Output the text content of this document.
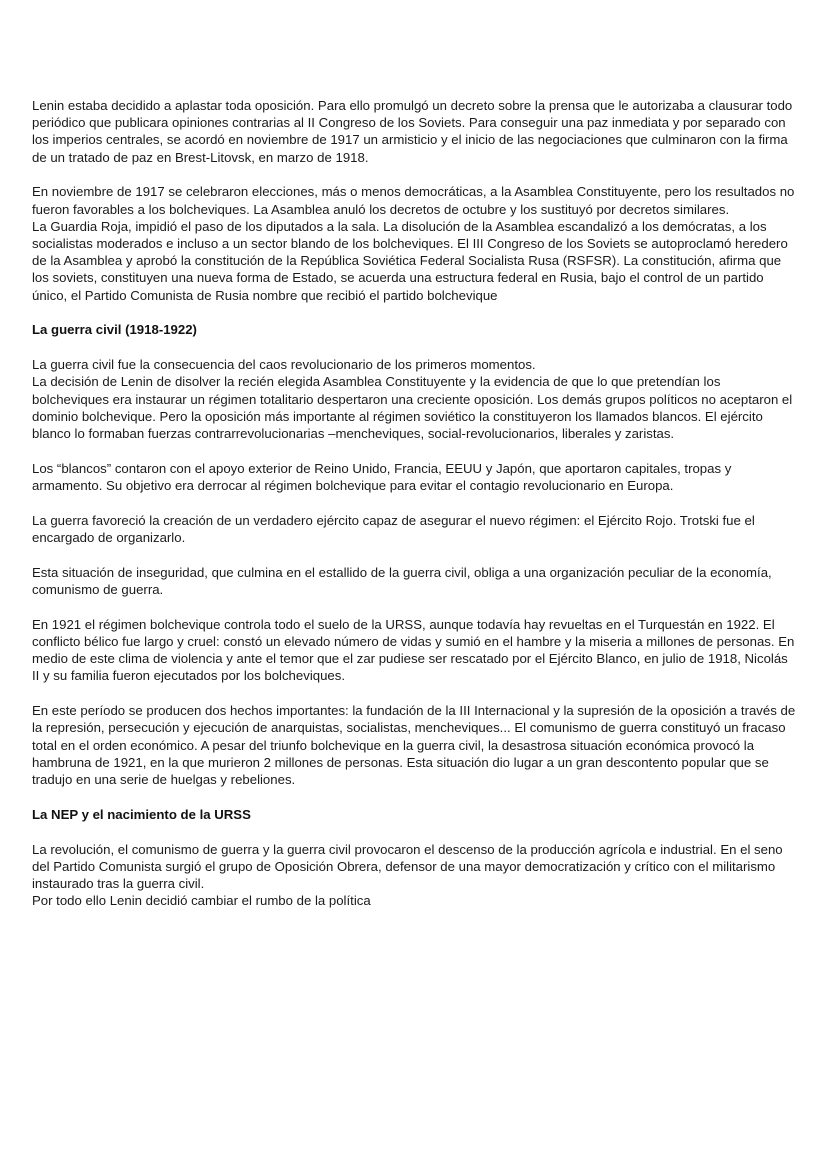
Lenin estaba decidido a aplastar toda oposición. Para ello promulgó un decreto sobre la prensa que le autorizaba a clausurar todo periódico que publicara opiniones contrarias al II Congreso de los Soviets. Para conseguir una paz inmediata y por separado con los imperios centrales, se acordó en noviembre de 1917 un armisticio y el inicio de las negociaciones que culminaron con la firma de un tratado de paz en Brest-Litovsk, en marzo de 1918.

En noviembre de 1917 se celebraron elecciones, más o menos democráticas, a la Asamblea Constituyente, pero los resultados no fueron favorables a los bolcheviques. La Asamblea anuló los decretos de octubre y los sustituyó por decretos similares.

La Guardia Roja, impidió el paso de los diputados a la sala. La disolución de la Asamblea escandalizó a los demócratas, a los socialistas moderados e incluso a un sector blando de los bolcheviques. El III Congreso de los Soviets se autoproclamó heredero de la Asamblea y aprobó la constitución de la República Soviética Federal Socialista Rusa (RSFSR). La constitución, afirma que los soviets, constituyen una nueva forma de Estado, se acuerda una estructura federal en Rusia, bajo el control de un partido único, el Partido Comunista de Rusia nombre que recibió el partido bolchevique

La guerra civil (1918-1922)

La guerra civil fue la consecuencia del caos revolucionario de los primeros momentos.

La decisión de Lenin de disolver la recién elegida Asamblea Constituyente y la evidencia de que lo que pretendían los bolcheviques era instaurar un régimen totalitario despertaron una creciente oposición. Los demás grupos políticos no aceptaron el dominio bolchevique. Pero la oposición más importante al régimen soviético la constituyeron los llamados blancos. El ejército blanco lo formaban fuerzas contrarrevolucionarias –mencheviques, social-revolucionarios, liberales y zaristas.

Los “blancos” contaron con el apoyo exterior de Reino Unido, Francia, EEUU y Japón, que aportaron capitales, tropas y armamento. Su objetivo era derrocar al régimen bolchevique para evitar el contagio revolucionario en Europa.

La guerra favoreció la creación de un verdadero ejército capaz de asegurar el nuevo régimen: el Ejército Rojo. Trotski fue el encargado de organizarlo.

Esta situación de inseguridad, que culmina en el estallido de la guerra civil, obliga a una organización peculiar de la economía, comunismo de guerra.

En 1921 el régimen bolchevique controla todo el suelo de la URSS, aunque todavía hay revueltas en el Turquestán en 1922. El conflicto bélico fue largo y cruel: constó un elevado número de vidas y sumió en el hambre y la miseria a millones de personas. En medio de este clima de violencia y ante el temor que el zar pudiese ser rescatado por el Ejército Blanco, en julio de 1918, Nicolás II y su familia fueron ejecutados por los bolcheviques.

En este período se producen dos hechos importantes: la fundación de la III Internacional y la supresión de la oposición a través de la represión, persecución y ejecución de anarquistas, socialistas, mencheviques... El comunismo de guerra constituyó un fracaso total en el orden económico. A pesar del triunfo bolchevique en la guerra civil, la desastrosa situación económica provocó la hambruna de 1921, en la que murieron 2 millones de personas. Esta situación dio lugar a un gran descontento popular que se tradujo en una serie de huelgas y rebeliones.

La NEP y el nacimiento de la URSS

La revolución, el comunismo de guerra y la guerra civil provocaron el descenso de la producción agrícola e industrial. En el seno del Partido Comunista surgió el grupo de Oposición Obrera, defensor de una mayor democratización y crítico con el militarismo instaurado tras la guerra civil.

Por todo ello Lenin decidió cambiar el rumbo de la política
